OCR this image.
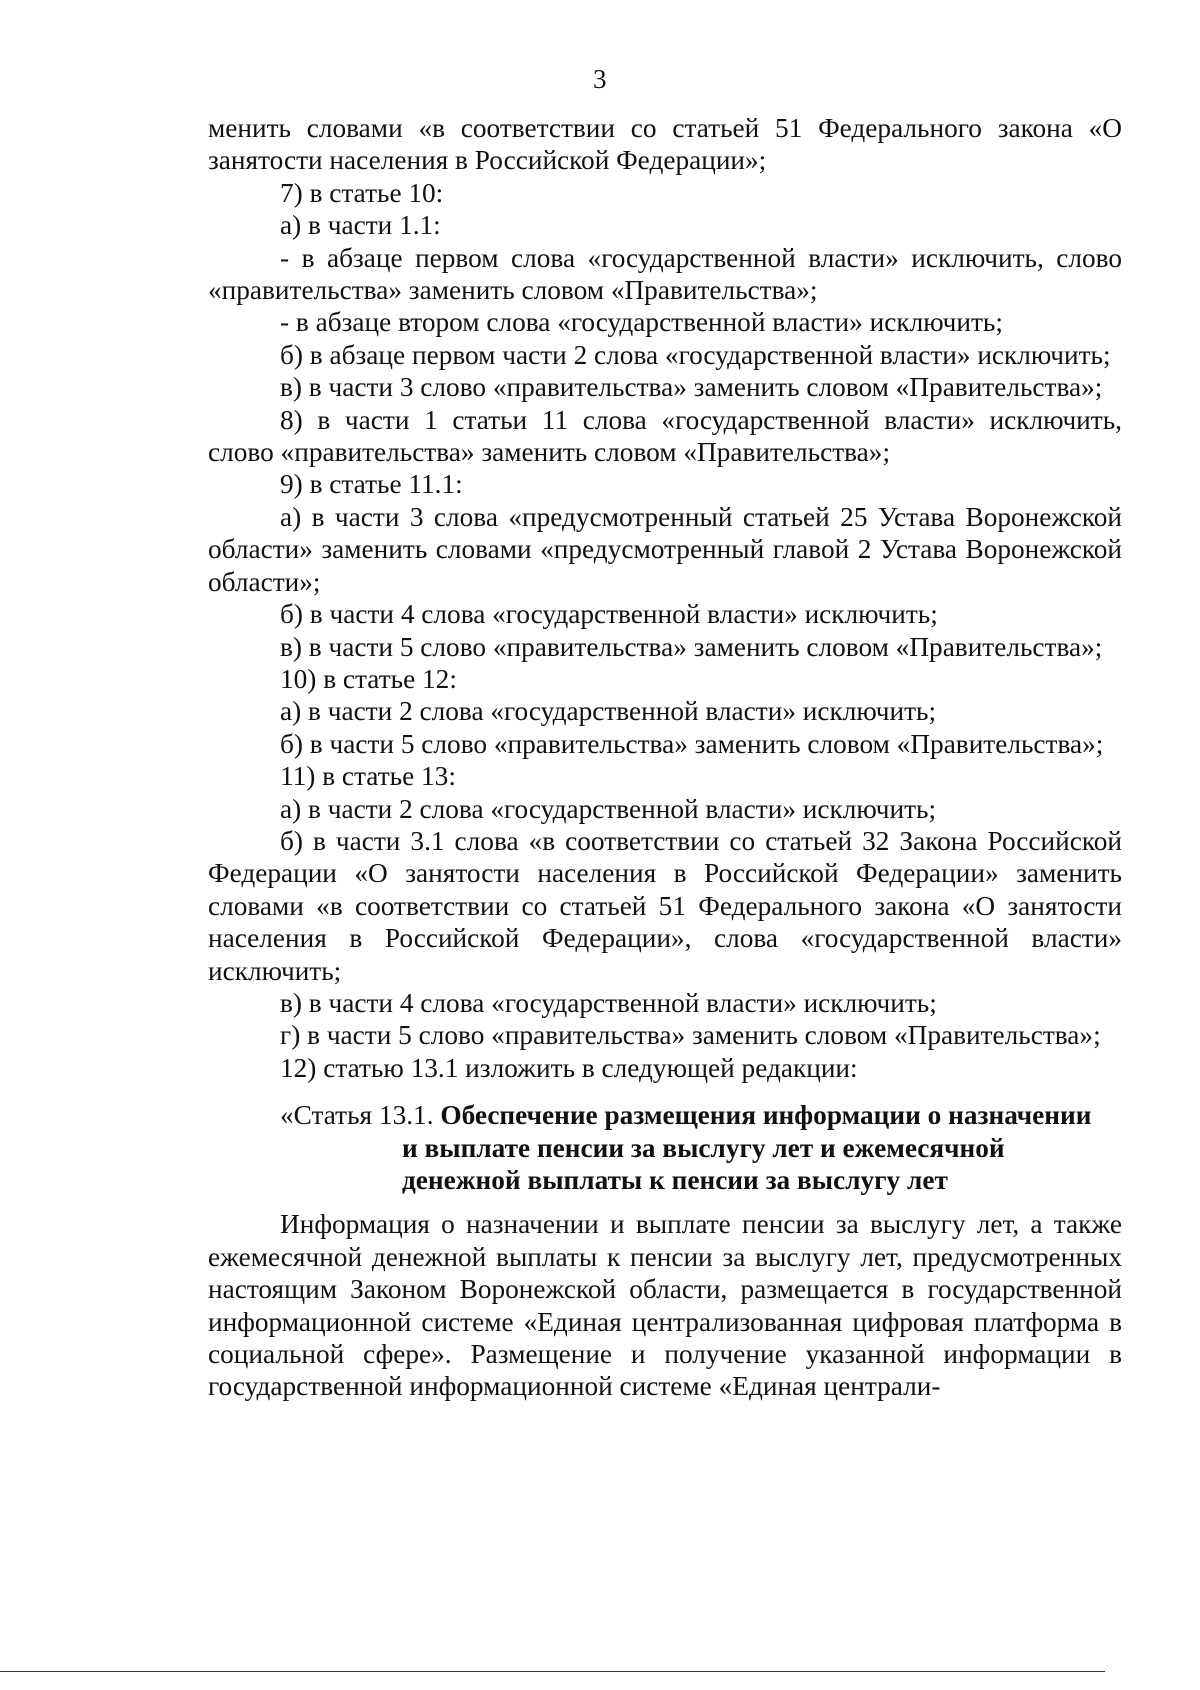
3

менить словами «в соответствии со статьей 51 Федерального закона «О занятости населения в Российской Федерации»;

7) в статье 10:

а) в части 1.1:

- в абзаце первом слова «государственной власти» исключить, слово «правительства» заменить словом «Правительства»;

- в абзаце втором слова «государственной власти» исключить;

б) в абзаце первом части 2 слова «государственной власти» исключить;

в) в части 3 слово «правительства» заменить словом «Правительства»;

8) в части 1 статьи 11 слова «государственной власти» исключить, слово «правительства» заменить словом «Правительства»;

9) в статье 11.1:

а) в части 3 слова «предусмотренный статьей 25 Устава Воронежской области» заменить словами «предусмотренный главой 2 Устава Воронежской области»;

б) в части 4 слова «государственной власти» исключить;

в) в части 5 слово «правительства» заменить словом «Правительства»;

10) в статье 12:

а) в части 2 слова «государственной власти» исключить;

б) в части 5 слово «правительства» заменить словом «Правительства»;

11) в статье 13:

а) в части 2 слова «государственной власти» исключить;

б) в части 3.1 слова «в соответствии со статьей 32 Закона Российской Федерации «О занятости населения в Российской Федерации» заменить словами «в соответствии со статьей 51 Федерального закона «О занятости населения в Российской Федерации», слова «государственной власти» исключить;

в) в части 4 слова «государственной власти» исключить;

г) в части 5 слово «правительства» заменить словом «Правительства»;

12) статью 13.1 изложить в следующей редакции:

«Статья 13.1. Обеспечение размещения информации о назначении
и выплате пенсии за выслугу лет и ежемесячной
денежной выплаты к пенсии за выслугу лет

Информация о назначении и выплате пенсии за выслугу лет, а также ежемесячной денежной выплаты к пенсии за выслугу лет, предусмотренных настоящим Законом Воронежской области, размещается в государственной информационной системе «Единая централизованная цифровая платформа в социальной сфере». Размещение и получение указанной информации в государственной информационной системе «Единая централи-
